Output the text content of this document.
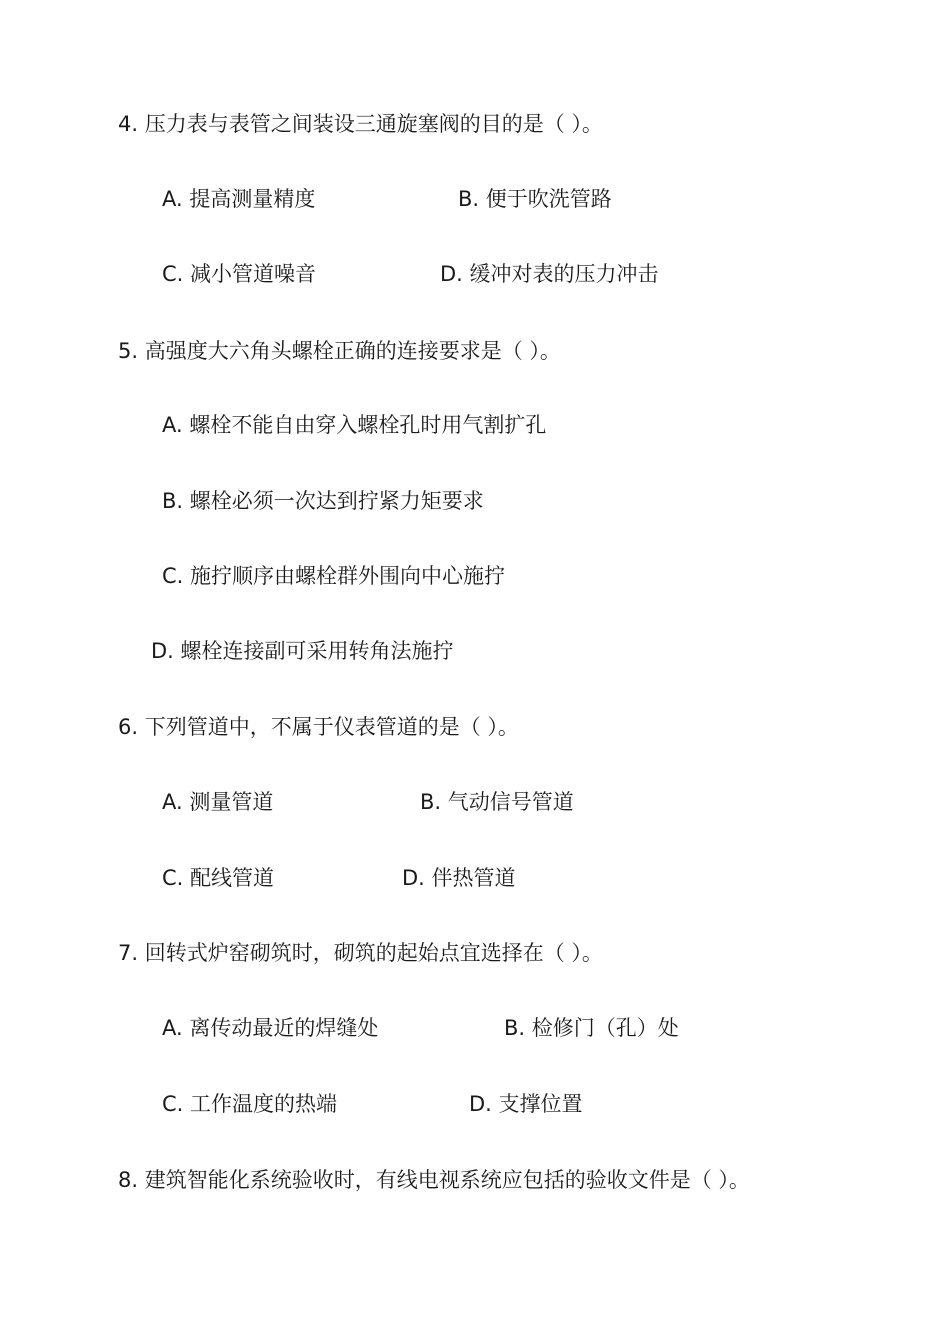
4. 压力表与表管之间装设三通旋塞阀的目的是（ ）。
A. 提高测量精度	B. 便于吹洗管路
C. 减小管道噪音	D. 缓冲对表的压力冲击
5. 高强度大六角头螺栓正确的连接要求是（ ）。
A. 螺栓不能自由穿入螺栓孔时用气割扩孔
B. 螺栓必须一次达到拧紧力矩要求
C. 施拧顺序由螺栓群外围向中心施拧
D. 螺栓连接副可采用转角法施拧
6. 下列管道中，不属于仪表管道的是（ ）。
A. 测量管道	B. 气动信号管道
C. 配线管道	D. 伴热管道
7. 回转式炉窑砌筑时，砌筑的起始点宜选择在（ ）。
A. 离传动最近的焊缝处	B. 检修门（孔）处
C. 工作温度的热端	D. 支撑位置
8. 建筑智能化系统验收时，有线电视系统应包括的验收文件是（ ）。
